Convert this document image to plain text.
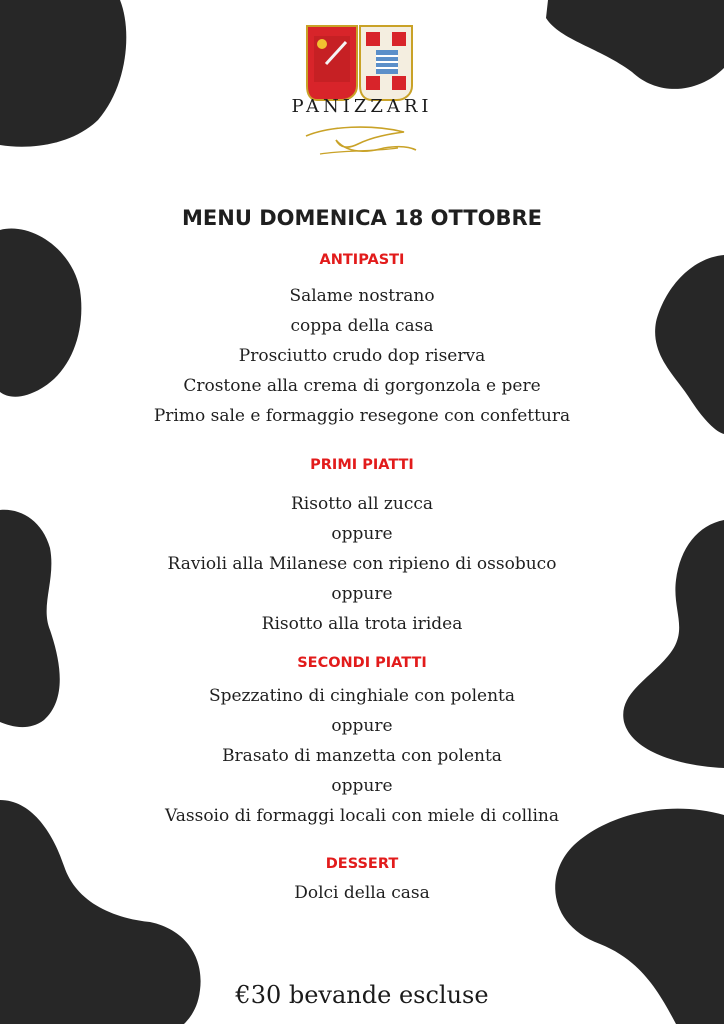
PANIZZARI
MENU DOMENICA 18 OTTOBRE
ANTIPASTI
Salame nostrano
coppa della casa
Prosciutto crudo dop riserva
Crostone alla crema di gorgonzola e pere
Primo sale e formaggio resegone con confettura
PRIMI PIATTI
Risotto all zucca
oppure
Ravioli alla Milanese con ripieno di ossobuco
oppure
Risotto alla trota iridea
SECONDI PIATTI
Spezzatino di cinghiale con polenta
oppure
Brasato di manzetta con polenta
oppure
Vassoio di formaggi locali con miele di collina
DESSERT
Dolci della casa
€30 bevande escluse
